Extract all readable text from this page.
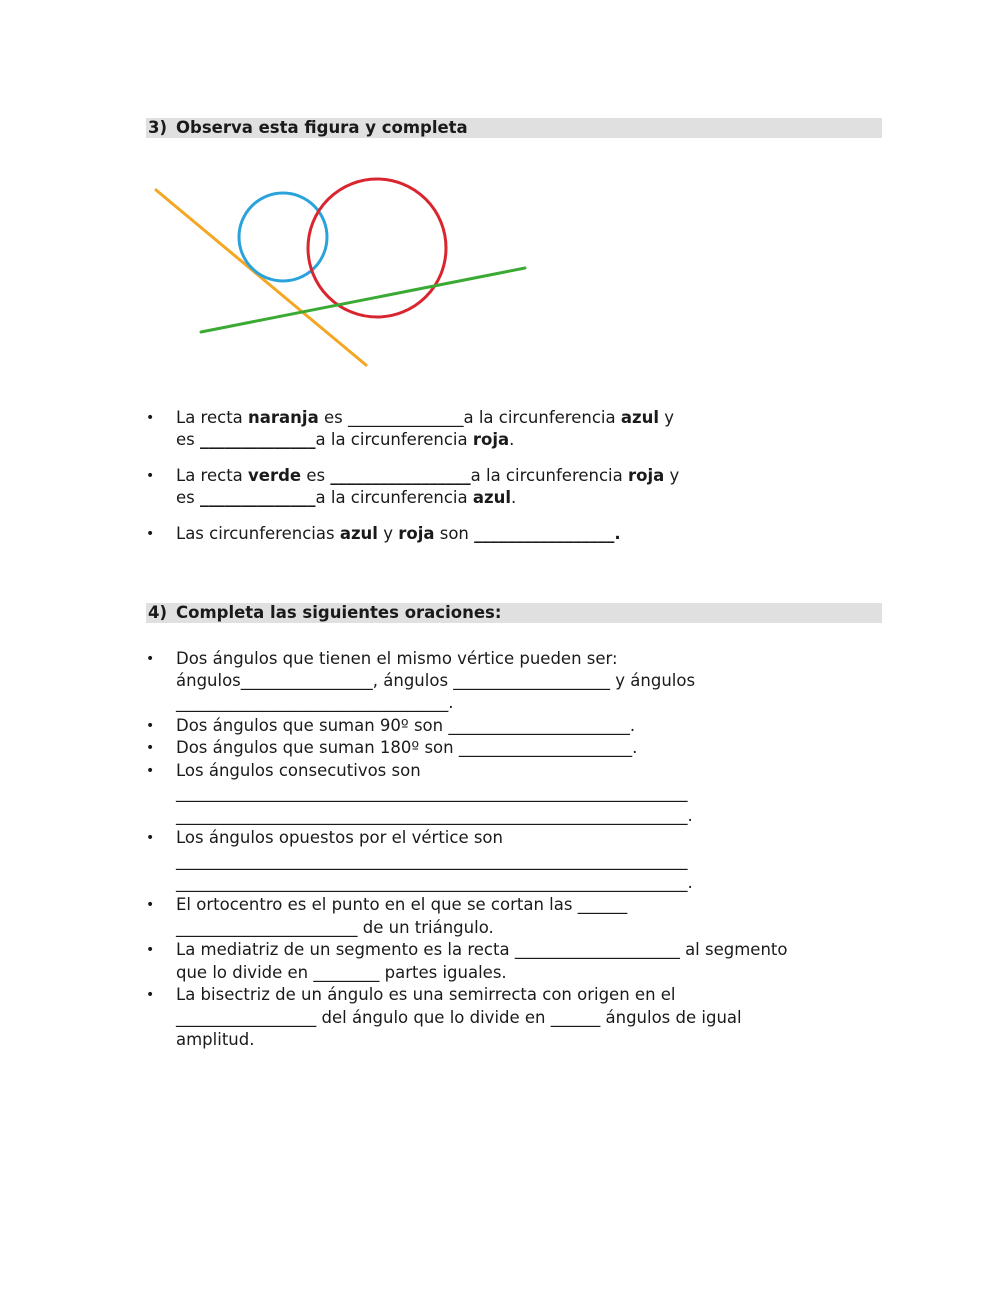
3) Observa esta figura y completa
• La recta naranja es ______________a la circunferencia azul y
es ______________a la circunferencia roja.
• La recta verde es _________________a la circunferencia roja y
es ______________a la circunferencia azul.
• Las circunferencias azul y roja son _________________.
4) Completa las siguientes oraciones:
• Dos ángulos que tienen el mismo vértice pueden ser:
ángulos________________, ángulos ___________________ y ángulos
_________________________________.
• Dos ángulos que suman 90º son ______________________.
• Dos ángulos que suman 180º son _____________________.
• Los ángulos consecutivos son
______________________________________________________________
______________________________________________________________.
• Los ángulos opuestos por el vértice son
______________________________________________________________
______________________________________________________________.
• El ortocentro es el punto en el que se cortan las ______
______________________ de un triángulo.
• La mediatriz de un segmento es la recta ____________________ al segmento
que lo divide en ________ partes iguales.
• La bisectriz de un ángulo es una semirrecta con origen en el
_________________ del ángulo que lo divide en ______ ángulos de igual
amplitud.
